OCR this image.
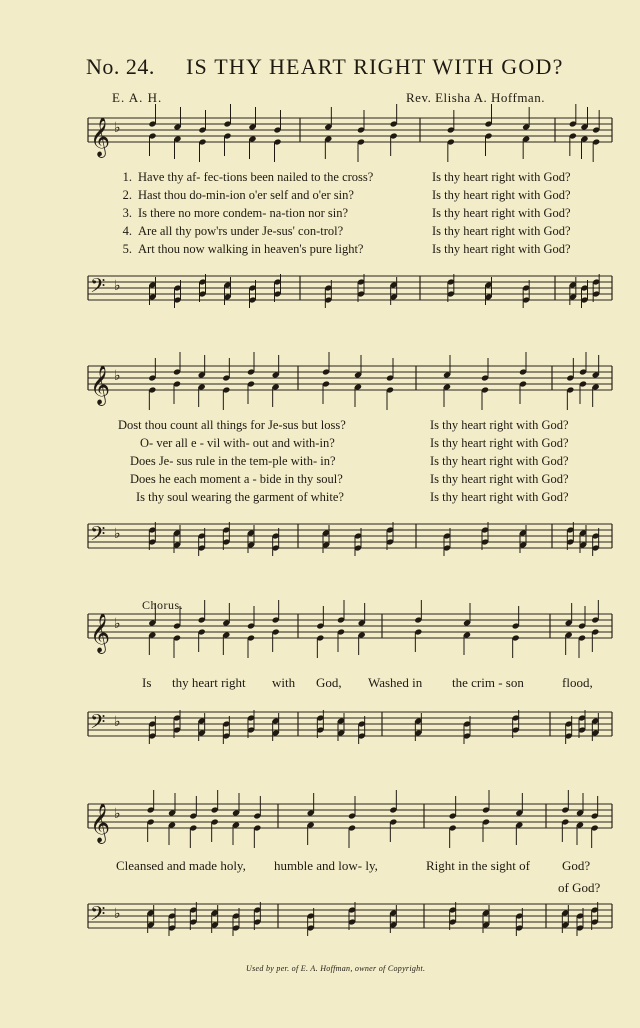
No. 24. IS THY HEART RIGHT WITH GOD?
E. A. H.	Rev. Elisha A. Hoffman.
𝄞 ♭
𝄢 ♭
𝄞 ♭
𝄢 ♭
𝄞 ♭
𝄢 ♭
𝄞 ♭
𝄢 ♭
1. Have thy af- fec-tions been nailed to the cross?	Is thy heart right with God?
2. Hast thou do-min-ion o'er self and o'er sin?	Is thy heart right with God?
3. Is there no more condem- na-tion nor sin?	Is thy heart right with God?
4. Are all thy pow'rs under Je-sus' con-trol?	Is thy heart right with God?
5. Art thou now walking in heaven's pure light?	Is thy heart right with God?
Dost thou count all things for Je-sus but loss?	Is thy heart right with God?
O- ver all e - vil with- out and with-in?	Is thy heart right with God?
Does Je- sus rule in the tem-ple with- in?	Is thy heart right with God?
Does he each moment a - bide in thy soul?	Is thy heart right with God?
Is thy soul wearing the garment of white?	Is thy heart right with God?
Chorus.
Is thy heart right with God, Washed in the crim - son	flood,
Cleansed and made holy, humble and low- ly,	Right in the sight of God?
of God?
Used by per. of E. A. Hoffman, owner of Copyright.
